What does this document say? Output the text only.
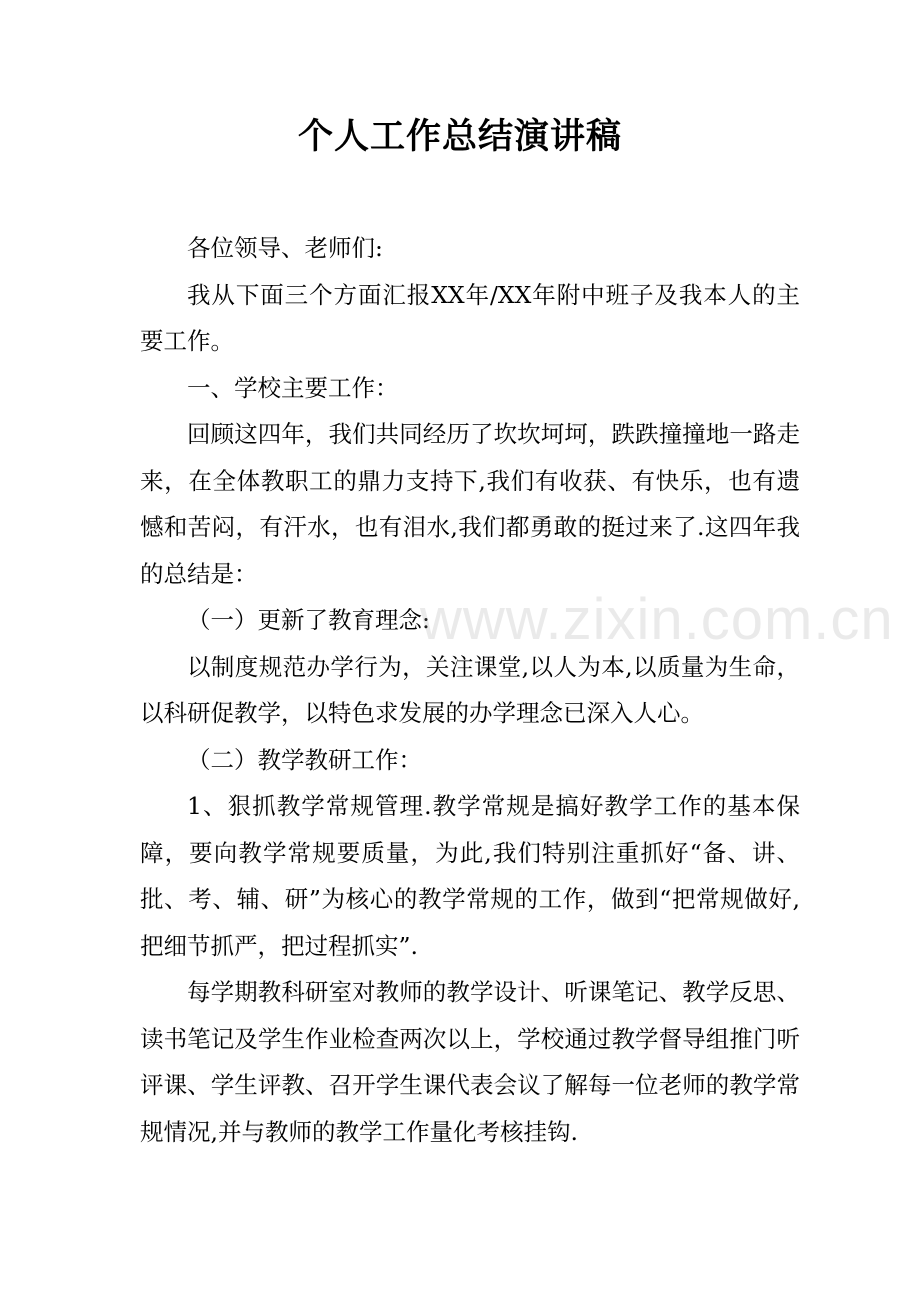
个人工作总结演讲稿

各位领导、老师们:

我从下面三个方面汇报XX年/XX年附中班子及我本人的主要工作。

一、学校主要工作：

回顾这四年，我们共同经历了坎坎坷坷，跌跌撞撞地一路走来，在全体教职工的鼎力支持下,我们有收获、有快乐，也有遗憾和苦闷，有汗水，也有泪水,我们都勇敢的挺过来了.这四年我的总结是：

（一）更新了教育理念:

以制度规范办学行为，关注课堂,以人为本,以质量为生命，以科研促教学，以特色求发展的办学理念已深入人心。

（二）教学教研工作：

1、狠抓教学常规管理.教学常规是搞好教学工作的基本保障，要向教学常规要质量，为此,我们特别注重抓好“备、讲、批、考、辅、研”为核心的教学常规的工作，做到“把常规做好,把细节抓严，把过程抓实”.

每学期教科研室对教师的教学设计、听课笔记、教学反思、读书笔记及学生作业检查两次以上，学校通过教学督导组推门听评课、学生评教、召开学生课代表会议了解每一位老师的教学常规情况,并与教师的教学工作量化考核挂钩.

www.zixin.com.cn
